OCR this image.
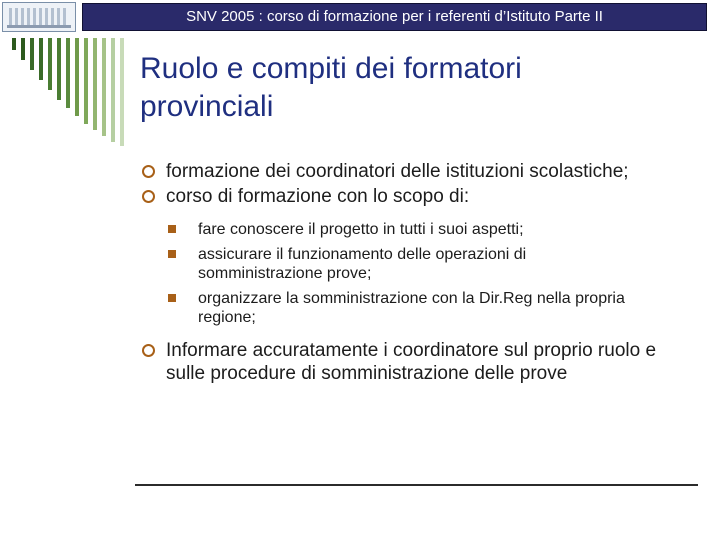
SNV 2005 : corso di formazione per i referenti d’Istituto Parte II
Ruolo e compiti dei formatori
provinciali
formazione dei coordinatori delle istituzioni scolastiche;
corso di formazione con lo scopo di:
fare conoscere il progetto in tutti i suoi aspetti;
assicurare il funzionamento delle operazioni di somministrazione prove;
organizzare la somministrazione con la Dir.Reg nella propria regione;
Informare accuratamente i coordinatore sul proprio ruolo e sulle procedure di somministrazione delle prove
